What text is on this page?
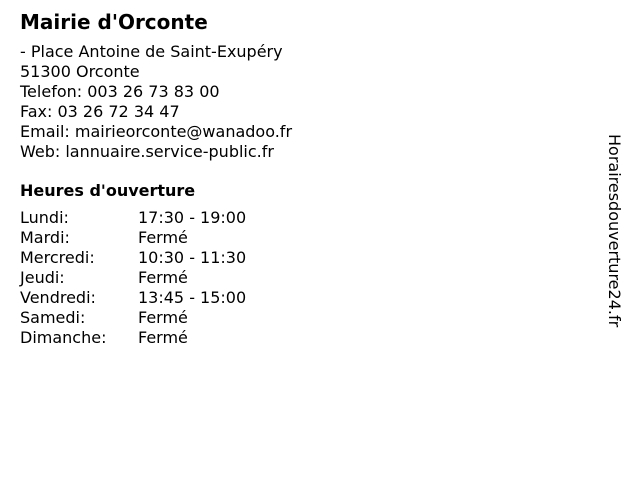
Mairie d'Orconte
- Place Antoine de Saint-Exupéry
51300 Orconte
Telefon: 003 26 73 83 00
Fax: 03 26 72 34 47
Email: mairieorconte@wanadoo.fr
Web: lannuaire.service-public.fr
Heures d'ouverture
Lundi:	17:30 - 19:00
Mardi:	Fermé
Mercredi:	10:30 - 11:30
Jeudi:	Fermé
Vendredi:	13:45 - 15:00
Samedi:	Fermé
Dimanche:	Fermé
Horairesdouverture24.fr
